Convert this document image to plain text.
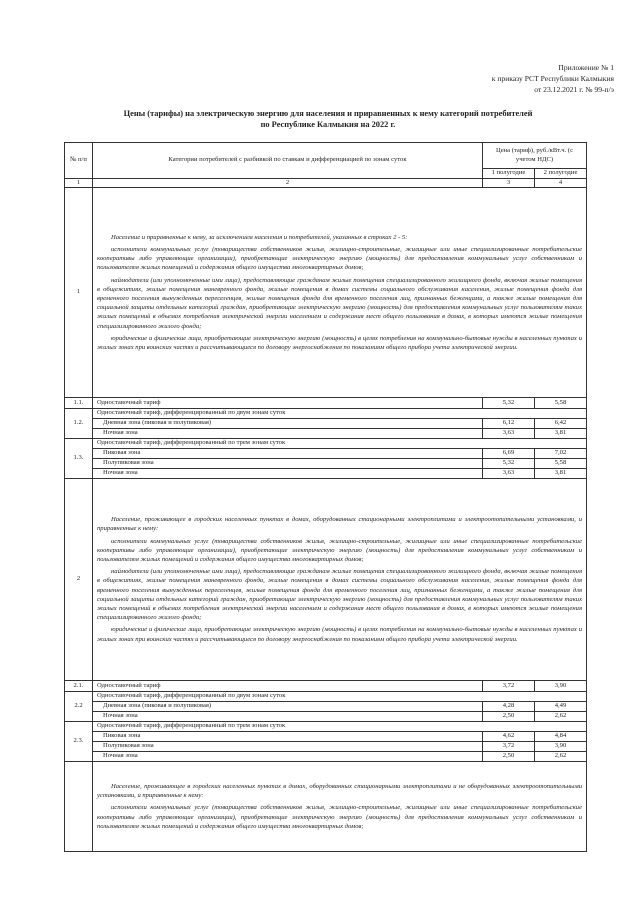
Приложение № 1
к приказу РСТ Республики Калмыкия
от 23.12.2021 г. № 99-п/э
Цены (тарифы) на электрическую энергию для населения и приравненных к нему категорий потребителей
по Республике Калмыкия на 2022 г.
№ п/п	Категории потребителей с разбивкой по ставкам и дифференциацией по зонам суток	Цена (тариф), руб./кВт.ч. (с учетом НДС)	
		1 полугодие	2 полугодие
1	2	3	4
1	Население и приравненные к нему, за исключением населения и потребителей, указанных в строках 2 - 5:

исполнители коммунальных услуг (товарищества собственников жилья, жилищно-строительные, жилищные или иные специализированные потребительские кооперативы либо управляющие организации), приобретающие электрическую энергию (мощность) для предоставления коммунальных услуг собственникам и пользователям жилых помещений и содержания общего имущества многоквартирных домов;

наймодатели (или уполномоченные ими лица), предоставляющие гражданам жилые помещения специализированного жилищного фонда, включая жилые помещения в общежитиях, жилые помещения маневренного фонда, жилые помещения в домах системы социального обслуживания населения, жилые помещения фонда для временного поселения вынужденных переселенцев, жилые помещения фонда для временного поселения лиц, признанных беженцами, а также жилые помещения для социальной защиты отдельных категорий граждан, приобретающие электрическую энергию (мощность) для предоставления коммунальных услуг пользователям таких жилых помещений в объемах потребления электрической энергии населением и содержания мест общего пользования в домах, в которых имеются жилые помещения специализированного жилого фонда;

юридические и физические лица, приобретающие электрическую энергию (мощность) в целях потребления на коммунально-бытовые нужды в населенных пунктах и жилых зонах при воинских частях и рассчитывающиеся по договору энергоснабжения по показаниям общего прибора учета электрической энергии.		

1.1.	Одноставочный тариф	5,32	5,58
1.2.	Одноставочный тариф, дифференцированный по двум зонам суток		
	Дневная зона (пиковая и полупиковая)	6,12	6,42
	Ночная зона	3,63	3,81
1.3.	Одноставочный тариф, дифференцированный по трем зонам суток		
	Пиковая зона	6,69	7,02
	Полупиковая зона	5,32	5,58
	Ночная зона	3,63	3,81
2	Население, проживающее в городских населенных пунктах в домах, оборудованных стационарными электроплитами и электроотопительными установками, и приравненные к нему:

исполнители коммунальных услуг (товарищества собственников жилья, жилищно-строительные, жилищные или иные специализированные потребительские кооперативы либо управляющие организации), приобретающие электрическую энергию (мощность) для предоставления коммунальных услуг собственникам и пользователям жилых помещений и содержания общего имущества многоквартирных домов;

наймодатели (или уполномоченные ими лица), предоставляющие гражданам жилые помещения специализированного жилищного фонда, включая жилые помещения в общежитиях, жилые помещения маневренного фонда, жилые помещения в домах системы социального обслуживания населения, жилые помещения фонда для временного поселения вынужденных переселенцев, жилые помещения фонда для временного поселения лиц, признанных беженцами, а также жилые помещения для социальной защиты отдельных категорий граждан, приобретающие электрическую энергию (мощность) для предоставления коммунальных услуг пользователям таких жилых помещений в объемах потребления электрической энергии населением и содержания мест общего пользования в домах, в которых имеются жилые помещения специализированного жилого фонда;

юридические и физические лица, приобретающие электрическую энергию (мощность) в целях потребления на коммунально-бытовые нужды в населенных пунктах и жилых зонах при воинских частях и рассчитывающиеся по договору энергоснабжения по показаниям общего прибора учета электрической энергии.		

2.1.	Одноставочный тариф	3,72	3,90
2.2	Одноставочный тариф, дифференцированный по двум зонам суток		
	Дневная зона (пиковая и полупиковая)	4,28	4,49
	Ночная зона	2,50	2,62
2.3.	Одноставочный тариф, дифференцированный по трем зонам суток		
	Пиковая зона	4,62	4,84
	Полупиковая зона	3,72	3,90
	Ночная зона	2,50	2,62

	Население, проживающее в городских населенных пунктах в домах, оборудованных стационарными электроплитами и не оборудованных электроотопительными установками, и приравненные к нему:

исполнители коммунальных услуг (товарищества собственников жилья, жилищно-строительные, жилищные или иные специализированные потребительские кооперативы либо управляющие организации), приобретающие электрическую энергию (мощность) для предоставления коммунальных услуг собственникам и пользователям жилых помещений и содержания общего имущества многоквартирных домов;		
